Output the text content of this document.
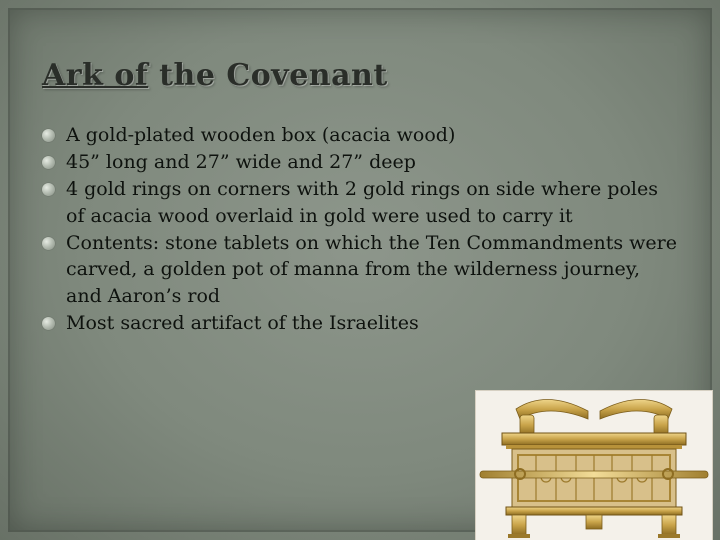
Ark of the Covenant
A gold-plated wooden box (acacia wood)
45” long and 27” wide and 27” deep
4 gold rings on corners with 2 gold rings on side where poles of acacia wood overlaid in gold were used to carry it
Contents: stone tablets on which the Ten Commandments were carved, a golden pot of manna from the wilderness journey, and Aaron’s rod
Most sacred artifact of the Israelites
